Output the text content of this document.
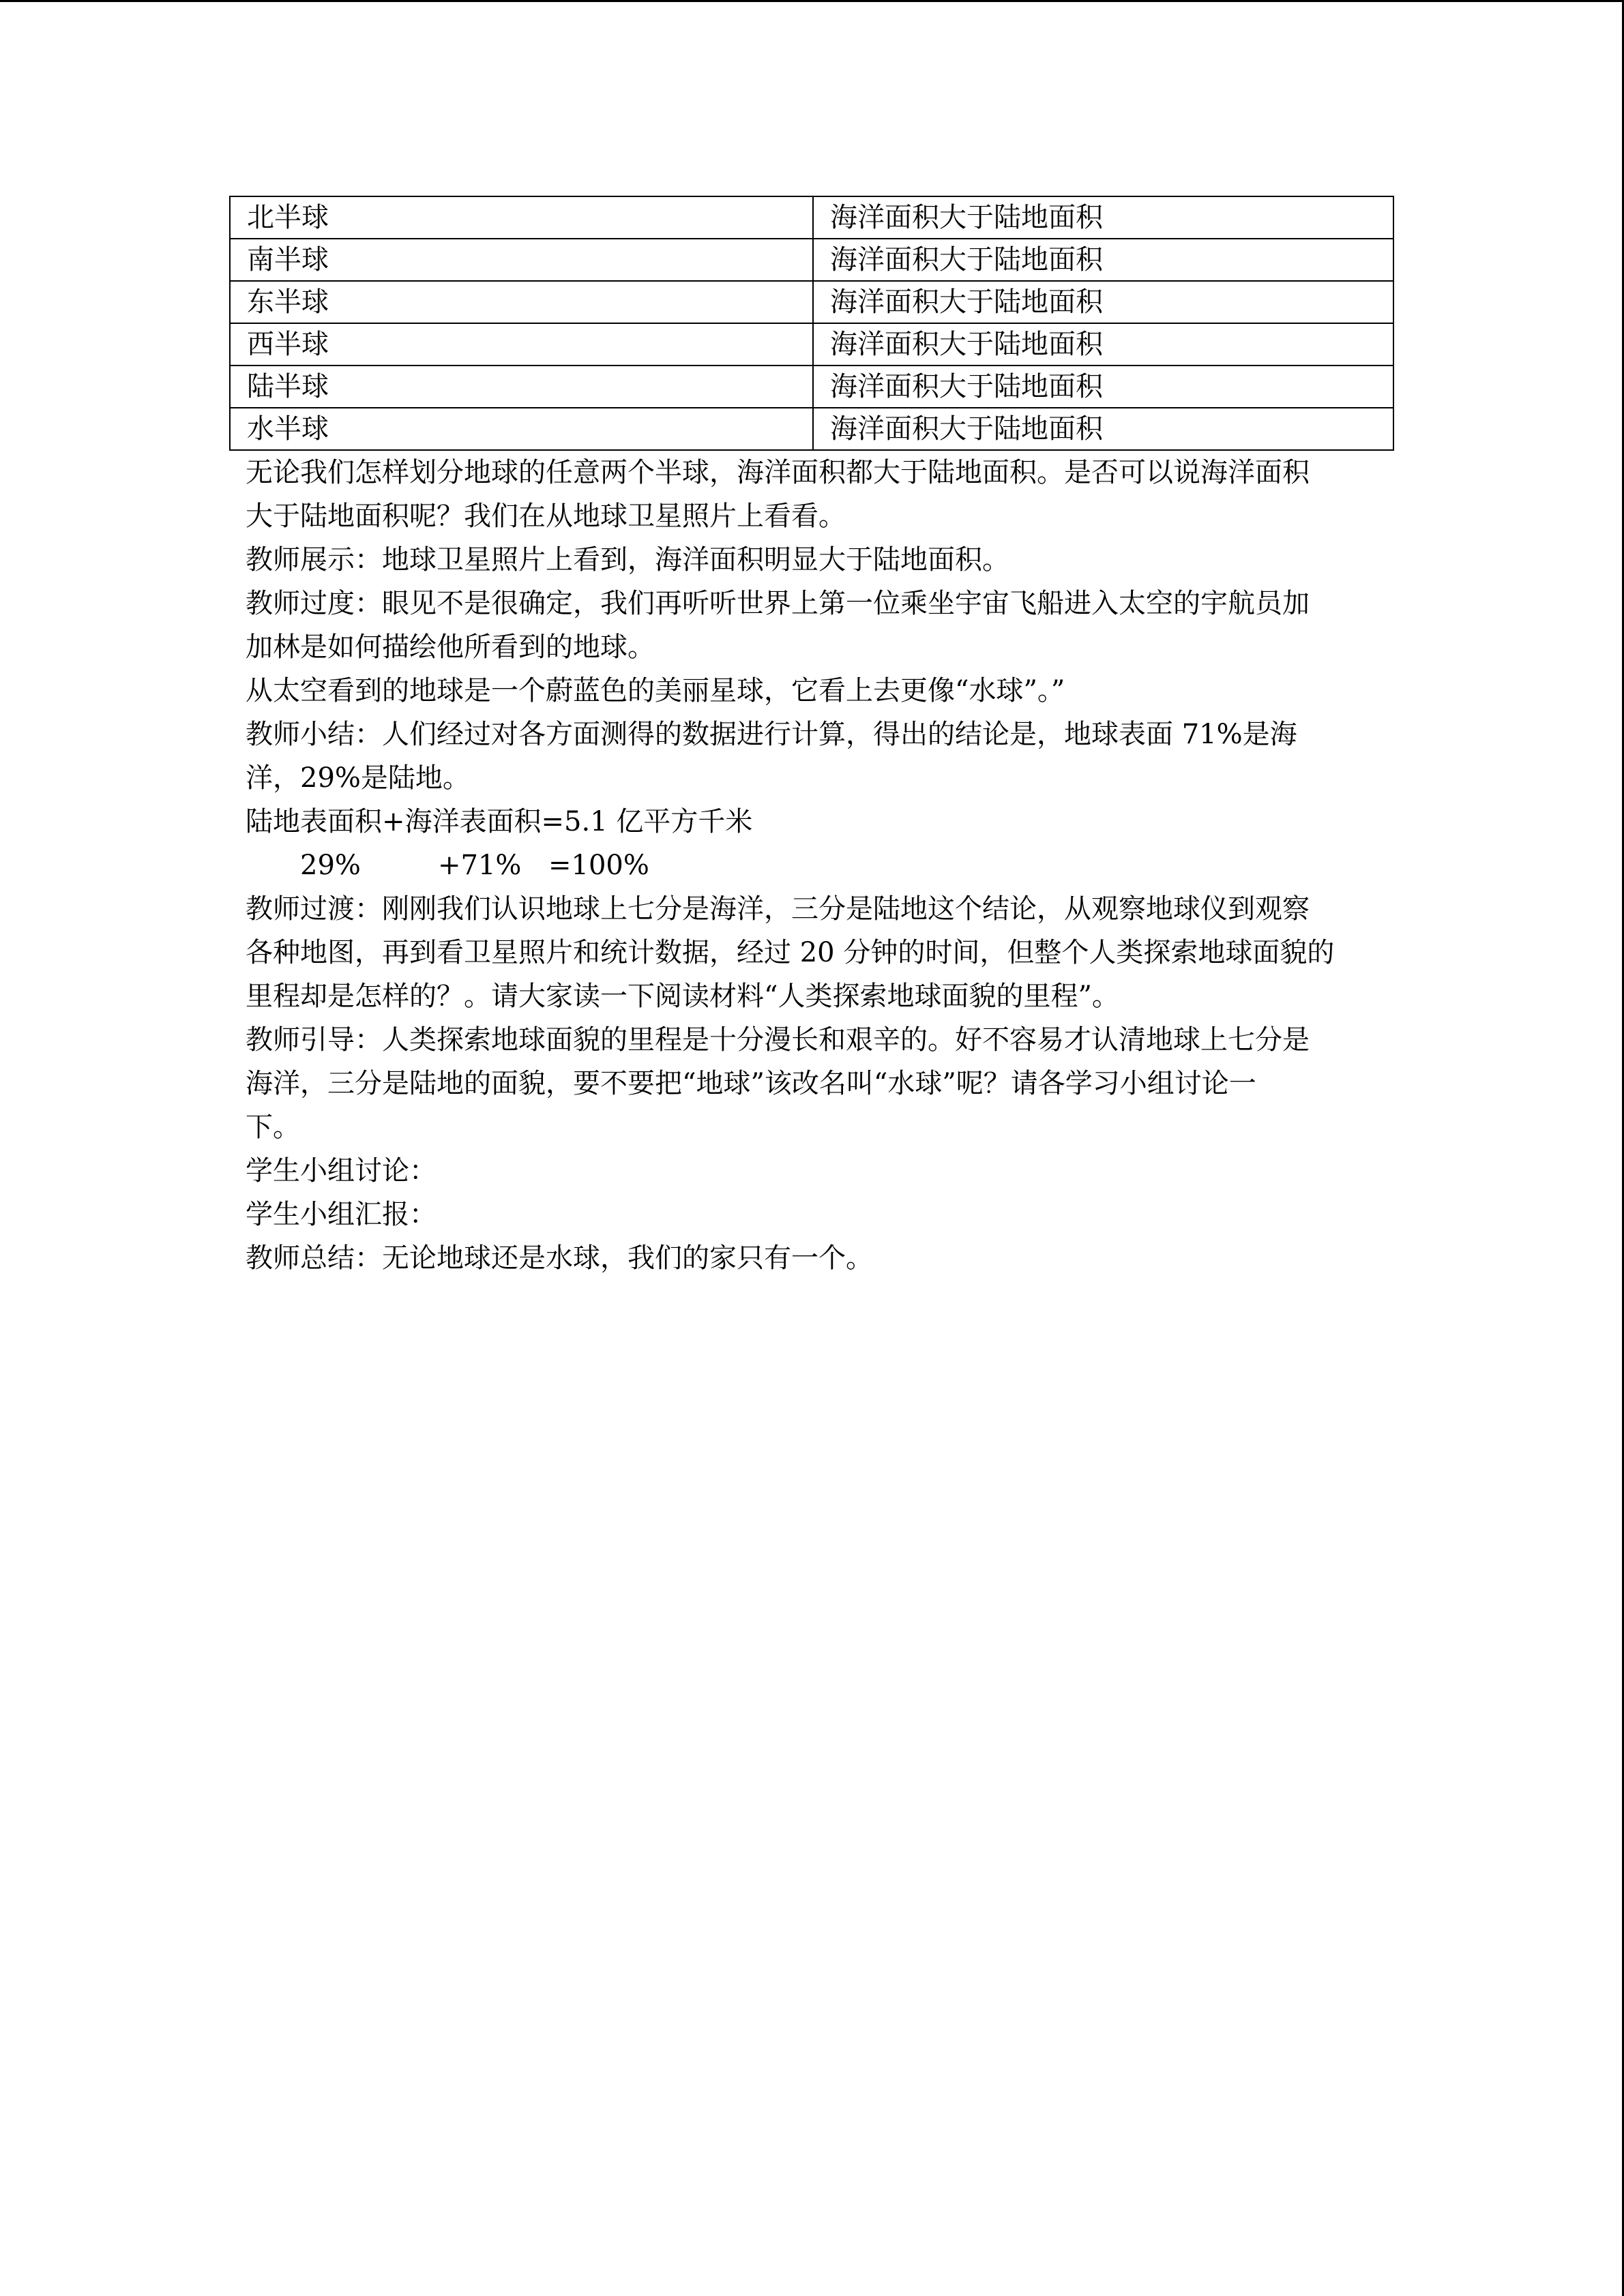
北半球	海洋面积大于陆地面积
南半球	海洋面积大于陆地面积
东半球	海洋面积大于陆地面积
西半球	海洋面积大于陆地面积
陆半球	海洋面积大于陆地面积
水半球	海洋面积大于陆地面积

无论我们怎样划分地球的任意两个半球，海洋面积都大于陆地面积。是否可以说海洋面积

大于陆地面积呢？我们在从地球卫星照片上看看。

教师展示：地球卫星照片上看到，海洋面积明显大于陆地面积。

教师过度：眼见不是很确定，我们再听听世界上第一位乘坐宇宙飞船进入太空的宇航员加

加林是如何描绘他所看到的地球。

从太空看到的地球是一个蔚蓝色的美丽星球，它看上去更像“水球”。”

教师小结：人们经过对各方面测得的数据进行计算，得出的结论是，地球表面 71%是海

洋，29%是陆地。

陆地表面积+海洋表面积=5.1 亿平方千米

29%	+71% =100%

教师过渡：刚刚我们认识地球上七分是海洋，三分是陆地这个结论，从观察地球仪到观察

各种地图，再到看卫星照片和统计数据，经过 20 分钟的时间，但整个人类探索地球面貌的

里程却是怎样的？。请大家读一下阅读材料“人类探索地球面貌的里程”。

教师引导：人类探索地球面貌的里程是十分漫长和艰辛的。好不容易才认清地球上七分是

海洋，三分是陆地的面貌，要不要把“地球”该改名叫“水球”呢？请各学习小组讨论一

下。

学生小组讨论：

学生小组汇报：

教师总结：无论地球还是水球，我们的家只有一个。
